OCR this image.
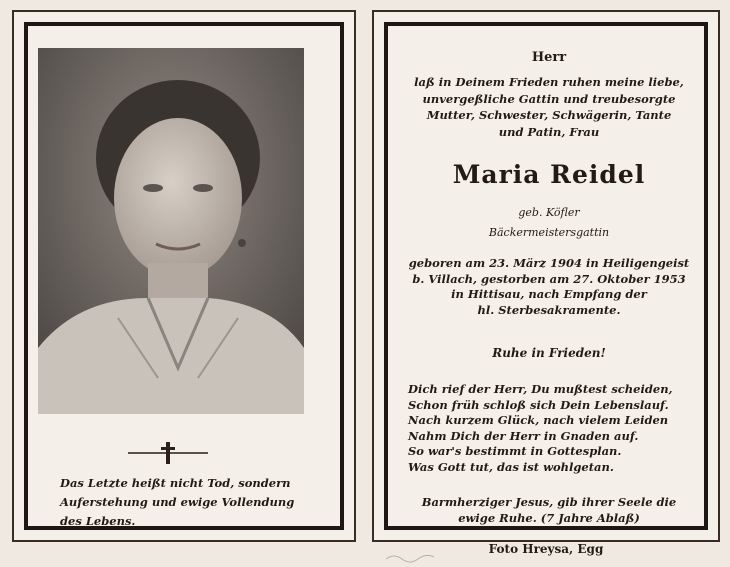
Das Letzte heißt nicht Tod, sondern
Auferstehung und ewige Vollendung
des Lebens.
Herr
laß in Deinem Frieden ruhen meine liebe,
unvergeßliche Gattin und treubesorgte
Mutter, Schwester, Schwägerin, Tante
und Patin, Frau
Maria Reidel
geb. Köfler
Bäckermeistersgattin
geboren am 23. März 1904 in Heiligengeist
b. Villach, gestorben am 27. Oktober 1953
in Hittisau, nach Empfang der
hl. Sterbesakramente.
Ruhe in Frieden!
Dich rief der Herr, Du mußtest scheiden,
Schon früh schloß sich Dein Lebenslauf.
Nach kurzem Glück, nach vielem Leiden
Nahm Dich der Herr in Gnaden auf.
So war's bestimmt in Gottesplan.
Was Gott tut, das ist wohlgetan.
Barmherziger Jesus, gib ihrer Seele die
ewige Ruhe. (7 Jahre Ablaß)
Foto Hreysa, Egg
